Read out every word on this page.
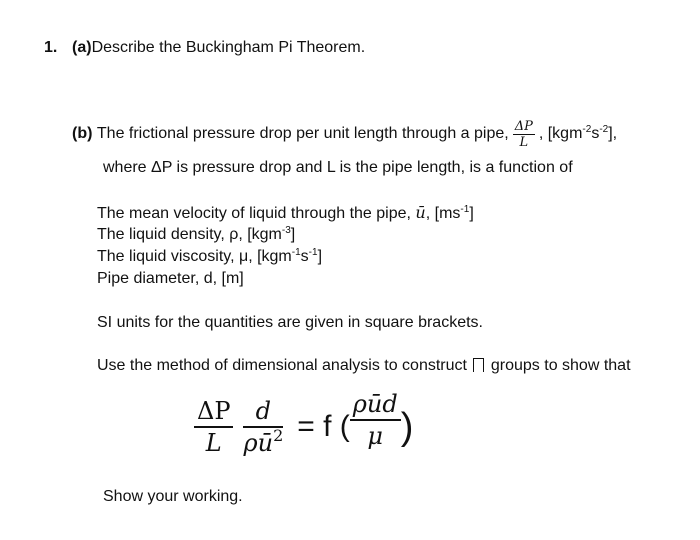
1. (a)Describe the Buckingham Pi Theorem.
(b)
The frictional pressure drop per unit length through a pipe, $\frac{\Delta P}{L}$ , $[kgm^{-2}s^{-2}]$,
where ΔP is pressure drop and L is the pipe length, is a function of
The mean velocity of liquid through the pipe, ū, $[ms^{-1}]$
The liquid density, ρ, [kgm$^{-3}$]
The liquid viscosity, μ, $[kgm^{-1}s^{-1}]$
Pipe diameter, d, [m]
SI units for the quantities are given in square brackets.
Use the method of dimensional analysis to construct groups to show that
$\frac{\Delta P}{L} \frac{d}{\rho ū^2} = f$ ( $\frac{\text{ρūd}}{\mu}$ )
Show your working.
